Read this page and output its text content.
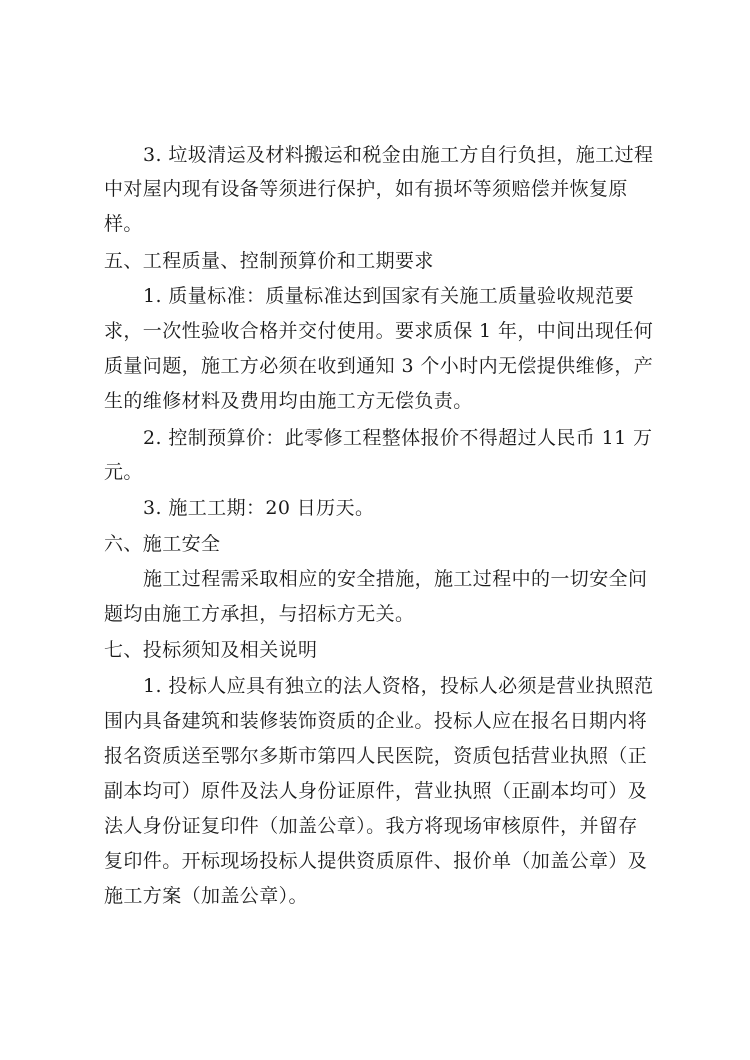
3. 垃圾清运及材料搬运和税金由施工方自行负担，施工过程
中对屋内现有设备等须进行保护，如有损坏等须赔偿并恢复原
样。
五、工程质量、控制预算价和工期要求
1. 质量标准：质量标准达到国家有关施工质量验收规范要
求，一次性验收合格并交付使用。要求质保 1 年，中间出现任何
质量问题，施工方必须在收到通知 3 个小时内无偿提供维修，产
生的维修材料及费用均由施工方无偿负责。
2. 控制预算价：此零修工程整体报价不得超过人民币 11 万
元。
3. 施工工期：20 日历天。
六、施工安全
施工过程需采取相应的安全措施，施工过程中的一切安全问
题均由施工方承担，与招标方无关。
七、投标须知及相关说明
1. 投标人应具有独立的法人资格，投标人必须是营业执照范
围内具备建筑和装修装饰资质的企业。投标人应在报名日期内将
报名资质送至鄂尔多斯市第四人民医院，资质包括营业执照（正
副本均可）原件及法人身份证原件，营业执照（正副本均可）及
法人身份证复印件（加盖公章）。我方将现场审核原件，并留存
复印件。开标现场投标人提供资质原件、报价单（加盖公章）及
施工方案（加盖公章）。
